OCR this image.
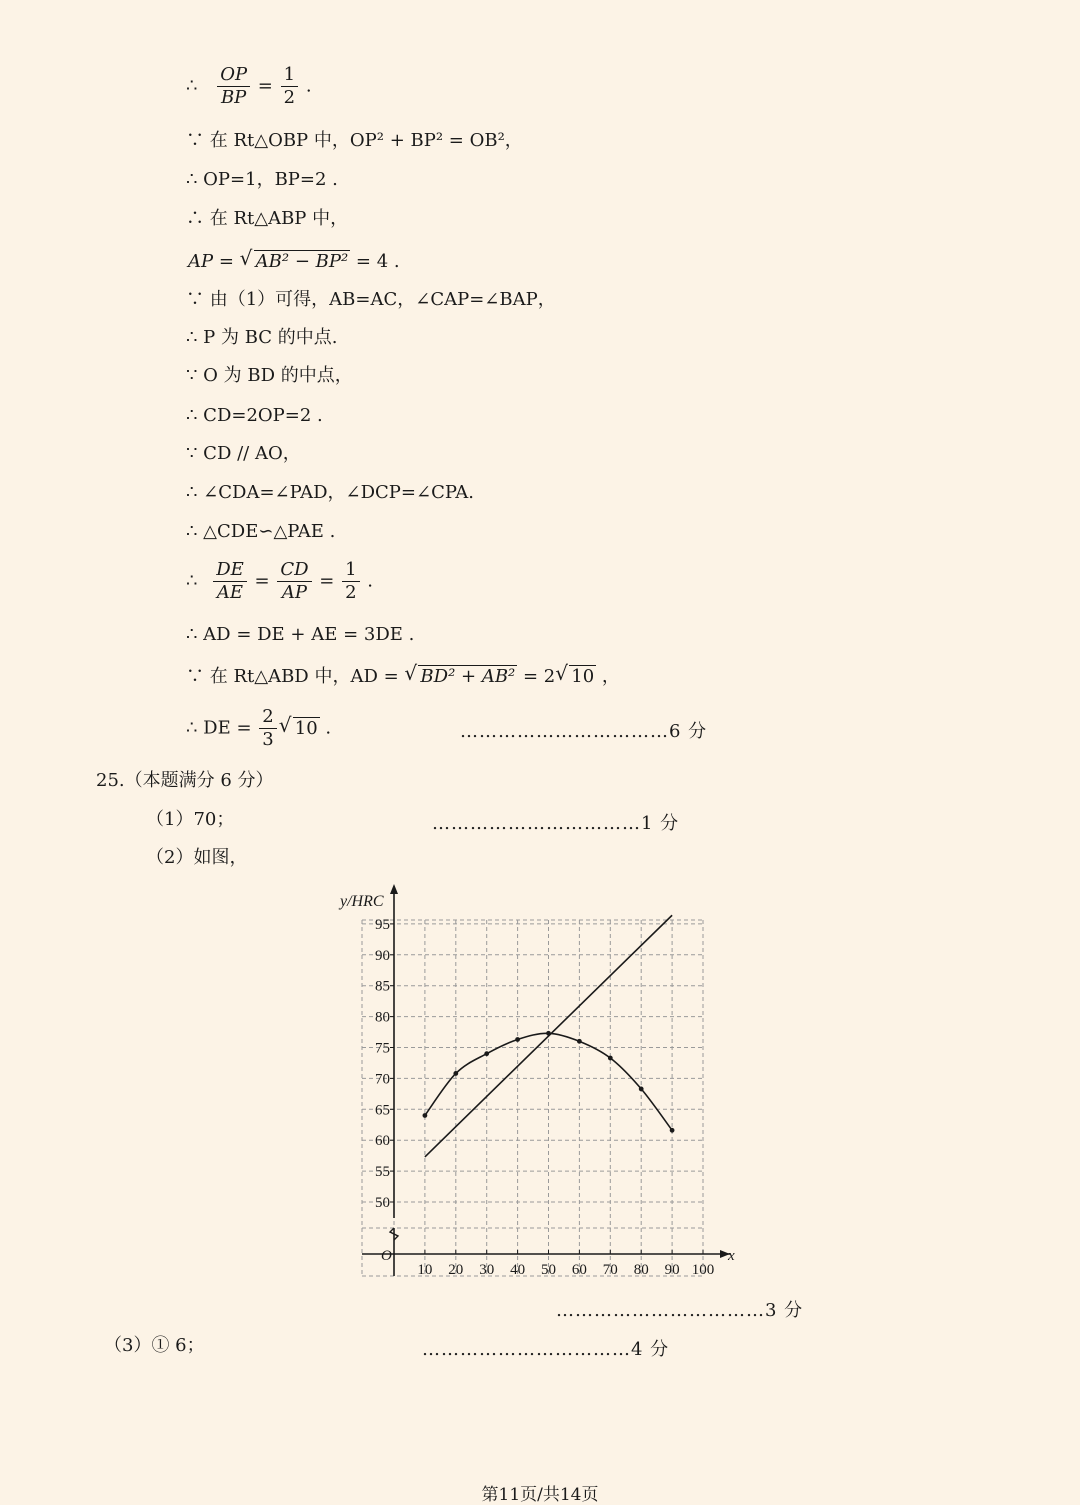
∴ $\frac{OP}{BP} = \frac{1}{2}$ .
∵ 在 Rt△OBP 中，OP² + BP² = OB²，
∴ OP=1，BP=2 .
∴ 在 Rt△ABP 中，
AP = √ AB² − BP² = 4 .
∵ 由（1）可得，AB=AC，∠CAP=∠BAP，
∴ P 为 BC 的中点.
∵ O 为 BD 的中点，
∴ CD=2OP=2 .
∵ CD // AO，
∴ ∠CDA=∠PAD，∠DCP=∠CPA.
∴ △CDE∽△PAE .
∴ $\frac{DE}{AE} = \frac{CD}{AP} = \frac{1}{2}$ .
∴ AD = DE + AE = 3DE .
∵ 在 Rt△ABD 中，AD = √ BD² + AB² = 2 √ 10 ，
∴ DE = $\frac{2}{3}$ √ 10 .	……………………………6 分
25.（本题满分 6 分）
（1）70；	……………………………1 分
（2）如图，
50
55
60
65
70
75
80
85
90
95
10 20 30 40 50 60 70 80 90 100
y/HRC
x
O
……………………………3 分
（3）① 6；	……………………………4 分
第11页/共14页
